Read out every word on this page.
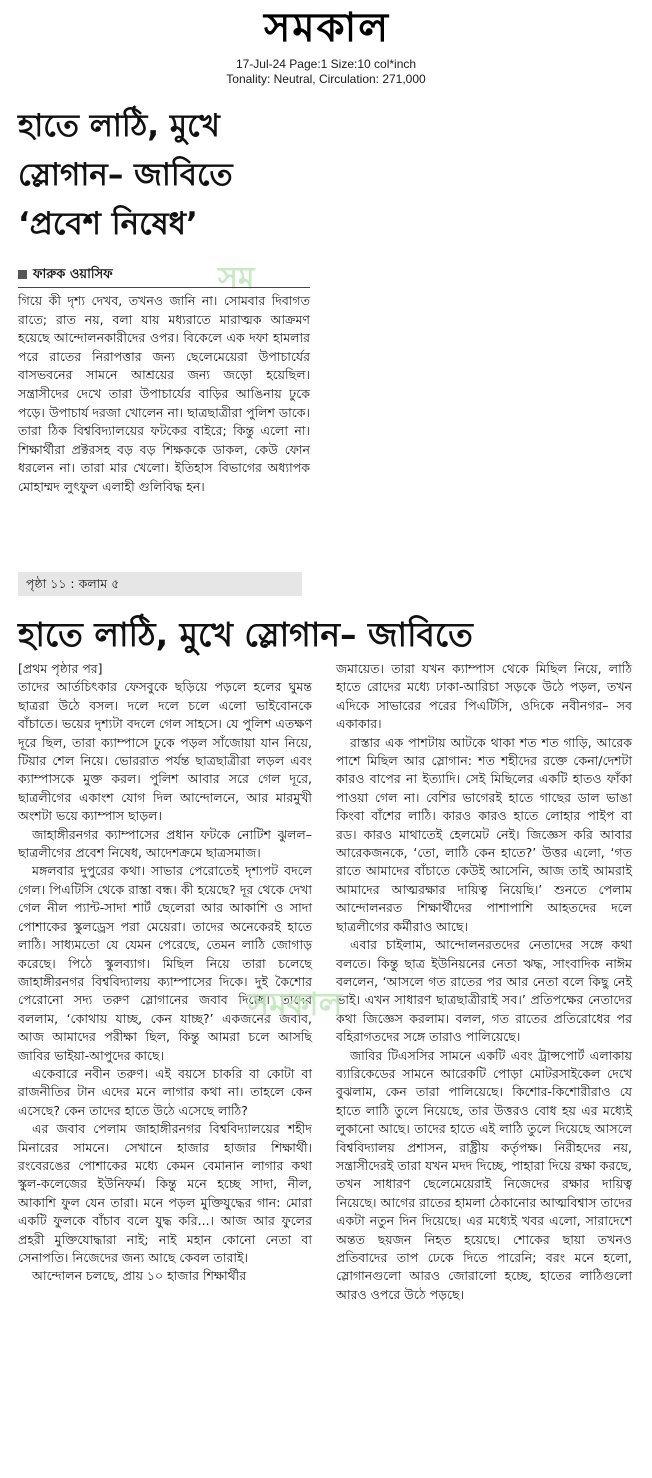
সমকাল
17-Jul-24 Page:1 Size:10 col*inch
Tonality: Neutral, Circulation: 271,000
হাতে লাঠি, মুখে স্লোগান– জাবিতে ‘প্রবেশ নিষেধ’
সম
ফারুক ওয়াসিফ
গিয়ে কী দৃশ্য দেখব, তখনও জানি না। সোমবার দিবাগত রাতে; রাত নয়, বলা যায় মধ্যরাতে মারাত্মক আক্রমণ হয়েছে আন্দোলনকারীদের ওপর। বিকেলে এক দফা হামলার পরে রাতের নিরাপত্তার জন্য ছেলেমেয়েরা উপাচার্যের বাসভবনের সামনে আশ্রয়ের জন্য জড়ো হয়েছিল। সন্ত্রাসীদের দেখে তারা উপাচার্যের বাড়ির আঙিনায় ঢুকে পড়ে। উপাচার্য দরজা খোলেন না। ছাত্রছাত্রীরা পুলিশ ডাকে। তারা ঠিক বিশ্ববিদ্যালয়ের ফটকের বাইরে; কিন্তু এলো না। শিক্ষার্থীরা প্রক্টরসহ বড় বড় শিক্ষককে ডাকল, কেউ ফোন ধরলেন না। তারা মার খেলো। ইতিহাস বিভাগের অধ্যাপক মোহাম্মদ লুৎফুল এলাহী গুলিবিদ্ধ হন।
পৃষ্ঠা ১১ : কলাম ৫
হাতে লাঠি, মুখে স্লোগান– জাবিতে

[প্রথম পৃষ্ঠার পর]

তাদের আর্তচিৎকার ফেসবুকে ছড়িয়ে পড়লে হলের ঘুমন্ত ছাত্ররা উঠে বসল। দলে দলে চলে এলো ভাইবোনকে বাঁচাতে। ভয়ের দৃশ্যটা বদলে গেল সাহসে। যে পুলিশ এতক্ষণ দূরে ছিল, তারা ক্যাম্পাসে ঢুকে পড়ল সাঁজোয়া যান নিয়ে, টিয়ার শেল নিয়ে। ভোররাত পর্যন্ত ছাত্রছাত্রীরা লড়ল এবং ক্যাম্পাসকে মুক্ত করল। পুলিশ আবার সরে গেল দূরে, ছাত্রলীগের একাংশ যোগ দিল আন্দোলনে, আর মারমুখী অংশটা ভয়ে ক্যাম্পাস ছাড়ল।

জাহাঙ্গীরনগর ক্যাম্পাসের প্রধান ফটকে নোটিশ ঝুলল– ছাত্রলীগের প্রবেশ নিষেধ, আদেশক্রমে ছাত্রসমাজ।

মঙ্গলবার দুপুরের কথা। সাভার পেরোতেই দৃশ্যপট বদলে গেল। পিএটিসি থেকে রাস্তা বন্ধ। কী হয়েছে? দূর থেকে দেখা গেল নীল প্যান্ট-সাদা শার্ট ছেলেরা আর আকাশি ও সাদা পোশাকের স্কুলড্রেস পরা মেয়েরা। তাদের অনেকেরই হাতে লাঠি। সাধ্যমতো যে যেমন পেরেছে, তেমন লাঠি জোগাড় করেছে। পিঠে স্কুলব্যাগ। মিছিল নিয়ে তারা চলেছে জাহাঙ্গীরনগর বিশ্ববিদ্যালয় ক্যাম্পাসের দিকে। দুই কৈশোর পেরোনো সদ্য তরুণ স্লোগানের জবাব দিচ্ছে। তাদের বললাম, ‘কোথায় যাচ্ছ, কেন যাচ্ছ?’ একজনের জবাব, আজ আমাদের পরীক্ষা ছিল, কিন্তু আমরা চলে আসছি জাবির ভাইয়া-আপুদের কাছে।

একেবারে নবীন তরুণ। এই বয়সে চাকরি বা কোটা বা রাজনীতির টান এদের মনে লাগার কথা না। তাহলে কেন এসেছে? কেন তাদের হাতে উঠে এসেছে লাঠি?

এর জবাব পেলাম জাহাঙ্গীরনগর বিশ্ববিদ্যালয়ের শহীদ মিনারের সামনে। সেখানে হাজার হাজার শিক্ষার্থী। রংবেরঙের পোশাকের মধ্যে কেমন বেমানান লাগার কথা স্কুল-কলেজের ইউনিফর্ম। কিন্তু মনে হচ্ছে সাদা, নীল, আকাশি ফুল যেন তারা। মনে পড়ল মুক্তিযুদ্ধের গান: মোরা একটি ফুলকে বাঁচাব বলে যুদ্ধ করি...। আজ আর ফুলের প্রহরী মুক্তিযোদ্ধারা নাই; নাই মহান কোনো নেতা বা সেনাপতি। নিজেদের জন্য আছে কেবল তারাই।

আন্দোলন চলছে, প্রায় ১০ হাজার শিক্ষার্থীর

জমায়েত। তারা যখন ক্যাম্পাস থেকে মিছিল নিয়ে, লাঠি হাতে রোদের মধ্যে ঢাকা-আরিচা সড়কে উঠে পড়ল, তখন এদিকে সাভারের পরের পিএটিসি, ওদিকে নবীনগর– সব একাকার।

রাস্তার এক পাশটায় আটকে থাকা শত শত গাড়ি, আরেক পাশে মিছিল আর স্লোগান: শত শহীদের রক্তে কেনা/দেশটা কারও বাপের না ইত্যাদি। সেই মিছিলের একটি হাতও ফাঁকা পাওয়া গেল না। বেশির ভাগেরই হাতে গাছের ডাল ভাঙা কিংবা বাঁশের লাঠি। কারও কারও হাতে লোহার পাইপ বা রড। কারও মাথাতেই হেলমেট নেই। জিজ্ঞেস করি আবার আরেকজনকে, ‘তো, লাঠি কেন হাতে?’ উত্তর এলো, ‘গত রাতে আমাদের বাঁচাতে কেউই আসেনি, আজ তাই আমরাই আমাদের আত্মরক্ষার দায়িত্ব নিয়েছি।’ শুনতে পেলাম আন্দোলনরত শিক্ষার্থীদের পাশাপাশি আহতদের দলে ছাত্রলীগের কর্মীরাও আছে।

এবার চাইলাম, আন্দোলনরতদের নেতাদের সঙ্গে কথা বলতে। কিন্তু ছাত্র ইউনিয়নের নেতা ঋদ্ধ, সাংবাদিক নাঈম বললেন, ‘আসলে গত রাতের পর আর নেতা বলে কিছু নেই ভাই। এখন সাধারণ ছাত্রছাত্রীরাই সব।’ প্রতিপক্ষের নেতাদের কথা জিজ্ঞেস করলাম। বলল, গত রাতের প্রতিরোধের পর বহিরাগতদের সঙ্গে তারাও পালিয়েছে।

জাবির টিএসসির সামনে একটি এবং ট্রান্সপোর্ট এলাকায় ব্যারিকেডের সামনে আরেকটি পোড়া মোটরসাইকেল দেখে বুঝলাম, কেন তারা পালিয়েছে। কিশোর-কিশোরীরাও যে হাতে লাঠি তুলে নিয়েছে, তার উত্তরও বোধ হয় এর মধ্যেই লুকানো আছে। তাদের হাতে এই লাঠি তুলে দিয়েছে আসলে বিশ্ববিদ্যালয় প্রশাসন, রাষ্ট্রীয় কর্তৃপক্ষ। নিরীহদের নয়, সন্ত্রাসীদেরই তারা যখন মদদ দিচ্ছে, পাহারা দিয়ে রক্ষা করছে, তখন সাধারণ ছেলেমেয়েরাই নিজেদের রক্ষার দায়িত্ব নিয়েছে। আগের রাতের হামলা ঠেকানোর আত্মবিশ্বাস তাদের একটা নতুন দিন দিয়েছে। এর মধ্যেই খবর এলো, সারাদেশে অন্তত ছয়জন নিহত হয়েছে। শোকের ছায়া তখনও প্রতিবাদের তাপ ঢেকে দিতে পারেনি; বরং মনে হলো, স্লোগানগুলো আরও জোরালো হচ্ছে, হাতের লাঠিগুলো আরও ওপরে উঠে পড়ছে।

সমকাল
